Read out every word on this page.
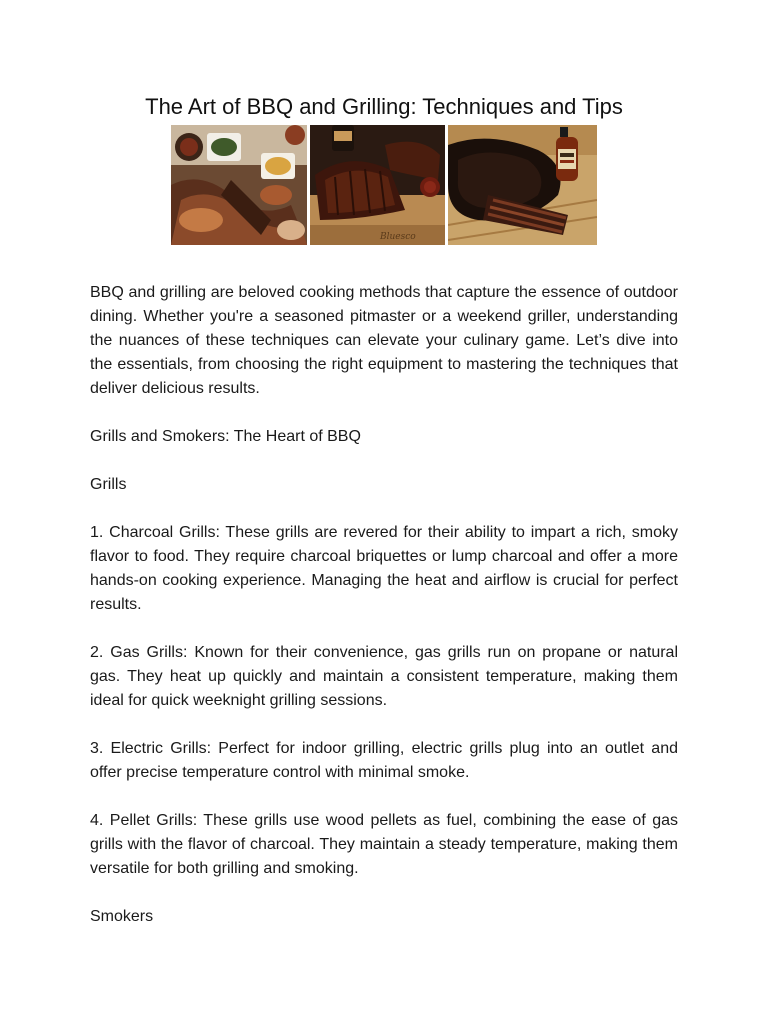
The Art of BBQ and Grilling: Techniques and Tips
Bluesco

BBQ and grilling are beloved cooking methods that capture the essence of outdoor dining. Whether you're a seasoned pitmaster or a weekend griller, understanding the nuances of these techniques can elevate your culinary game. Let’s dive into the essentials, from choosing the right equipment to mastering the techniques that deliver delicious results.

Grills and Smokers: The Heart of BBQ

Grills

1. Charcoal Grills: These grills are revered for their ability to impart a rich, smoky flavor to food. They require charcoal briquettes or lump charcoal and offer a more hands-on cooking experience. Managing the heat and airflow is crucial for perfect results.

2. Gas Grills: Known for their convenience, gas grills run on propane or natural gas. They heat up quickly and maintain a consistent temperature, making them ideal for quick weeknight grilling sessions.

3. Electric Grills: Perfect for indoor grilling, electric grills plug into an outlet and offer precise temperature control with minimal smoke.

4. Pellet Grills: These grills use wood pellets as fuel, combining the ease of gas grills with the flavor of charcoal. They maintain a steady temperature, making them versatile for both grilling and smoking.

Smokers
